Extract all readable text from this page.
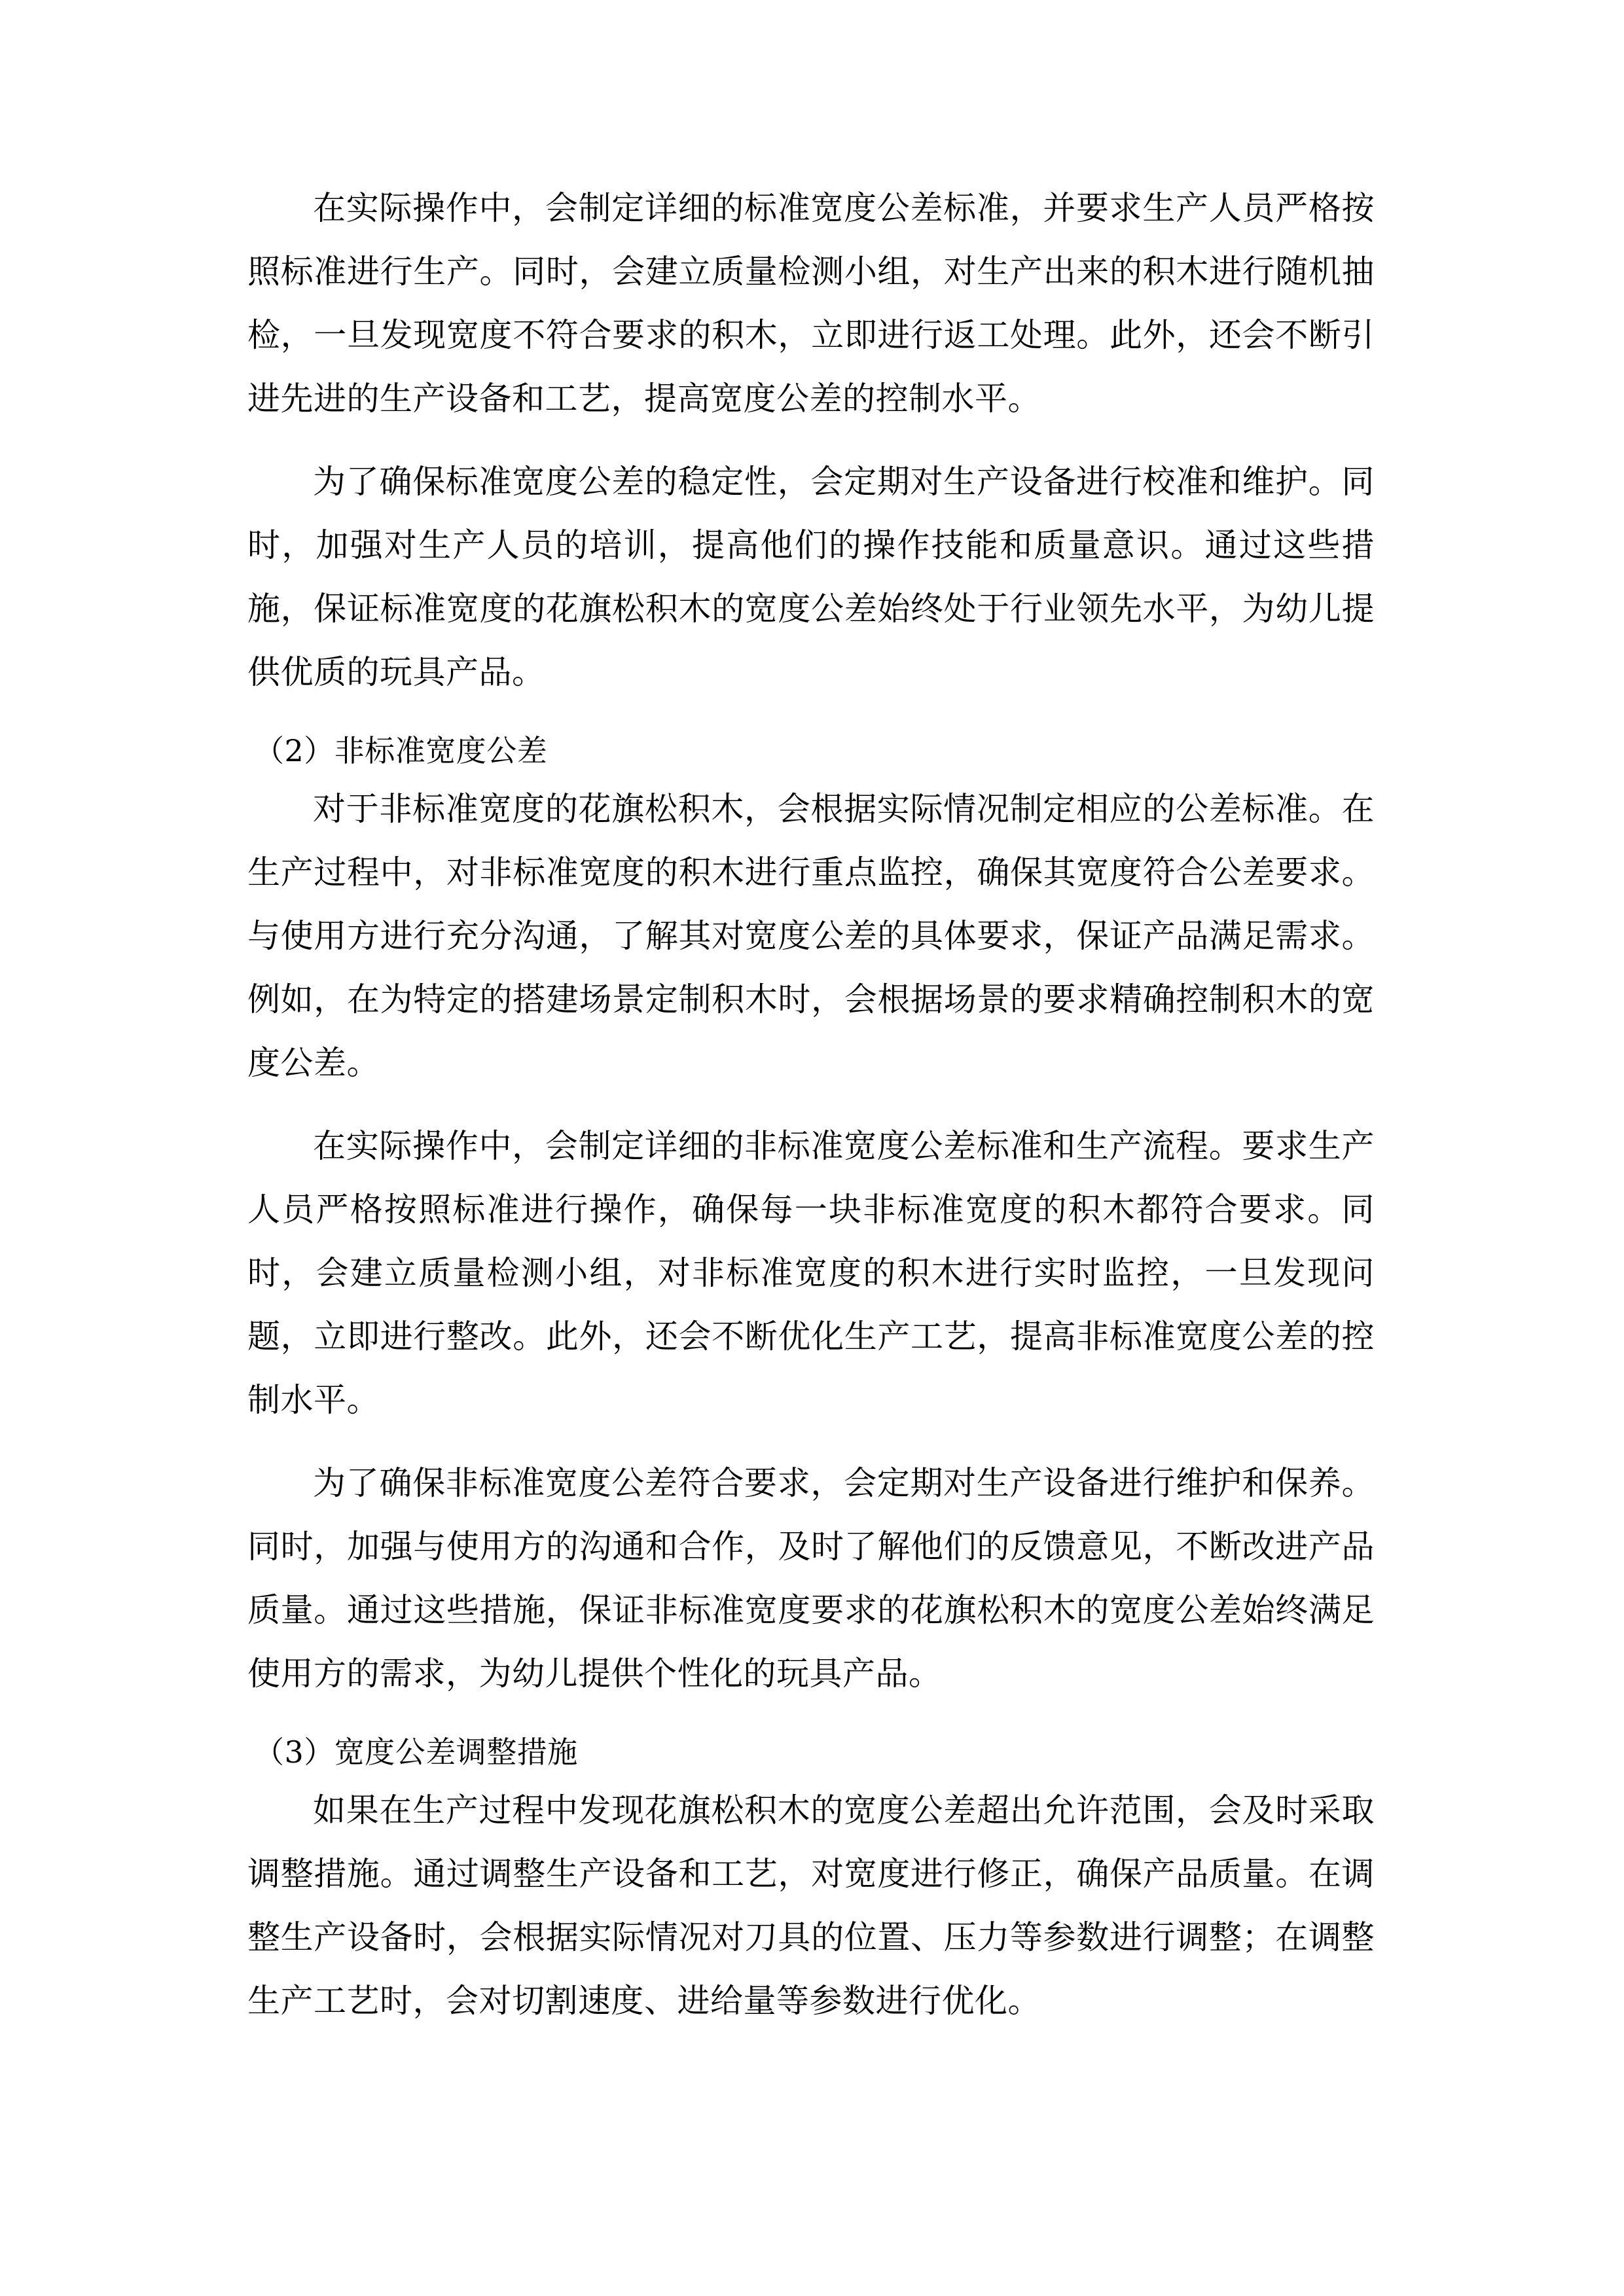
在实际操作中，会制定详细的标准宽度公差标准，并要求生产人员严格按照标准进行生产。同时，会建立质量检测小组，对生产出来的积木进行随机抽检，一旦发现宽度不符合要求的积木，立即进行返工处理。此外，还会不断引进先进的生产设备和工艺，提高宽度公差的控制水平。

为了确保标准宽度公差的稳定性，会定期对生产设备进行校准和维护。同时，加强对生产人员的培训，提高他们的操作技能和质量意识。通过这些措施，保证标准宽度的花旗松积木的宽度公差始终处于行业领先水平，为幼儿提供优质的玩具产品。

（2）非标准宽度公差

对于非标准宽度的花旗松积木，会根据实际情况制定相应的公差标准。在生产过程中，对非标准宽度的积木进行重点监控，确保其宽度符合公差要求。与使用方进行充分沟通，了解其对宽度公差的具体要求，保证产品满足需求。例如，在为特定的搭建场景定制积木时，会根据场景的要求精确控制积木的宽度公差。

在实际操作中，会制定详细的非标准宽度公差标准和生产流程。要求生产人员严格按照标准进行操作，确保每一块非标准宽度的积木都符合要求。同时，会建立质量检测小组，对非标准宽度的积木进行实时监控，一旦发现问题，立即进行整改。此外，还会不断优化生产工艺，提高非标准宽度公差的控制水平。

为了确保非标准宽度公差符合要求，会定期对生产设备进行维护和保养。同时，加强与使用方的沟通和合作，及时了解他们的反馈意见，不断改进产品质量。通过这些措施，保证非标准宽度要求的花旗松积木的宽度公差始终满足使用方的需求，为幼儿提供个性化的玩具产品。

（3）宽度公差调整措施

如果在生产过程中发现花旗松积木的宽度公差超出允许范围，会及时采取调整措施。通过调整生产设备和工艺，对宽度进行修正，确保产品质量。在调整生产设备时，会根据实际情况对刀具的位置、压力等参数进行调整；在调整生产工艺时，会对切割速度、进给量等参数进行优化。
